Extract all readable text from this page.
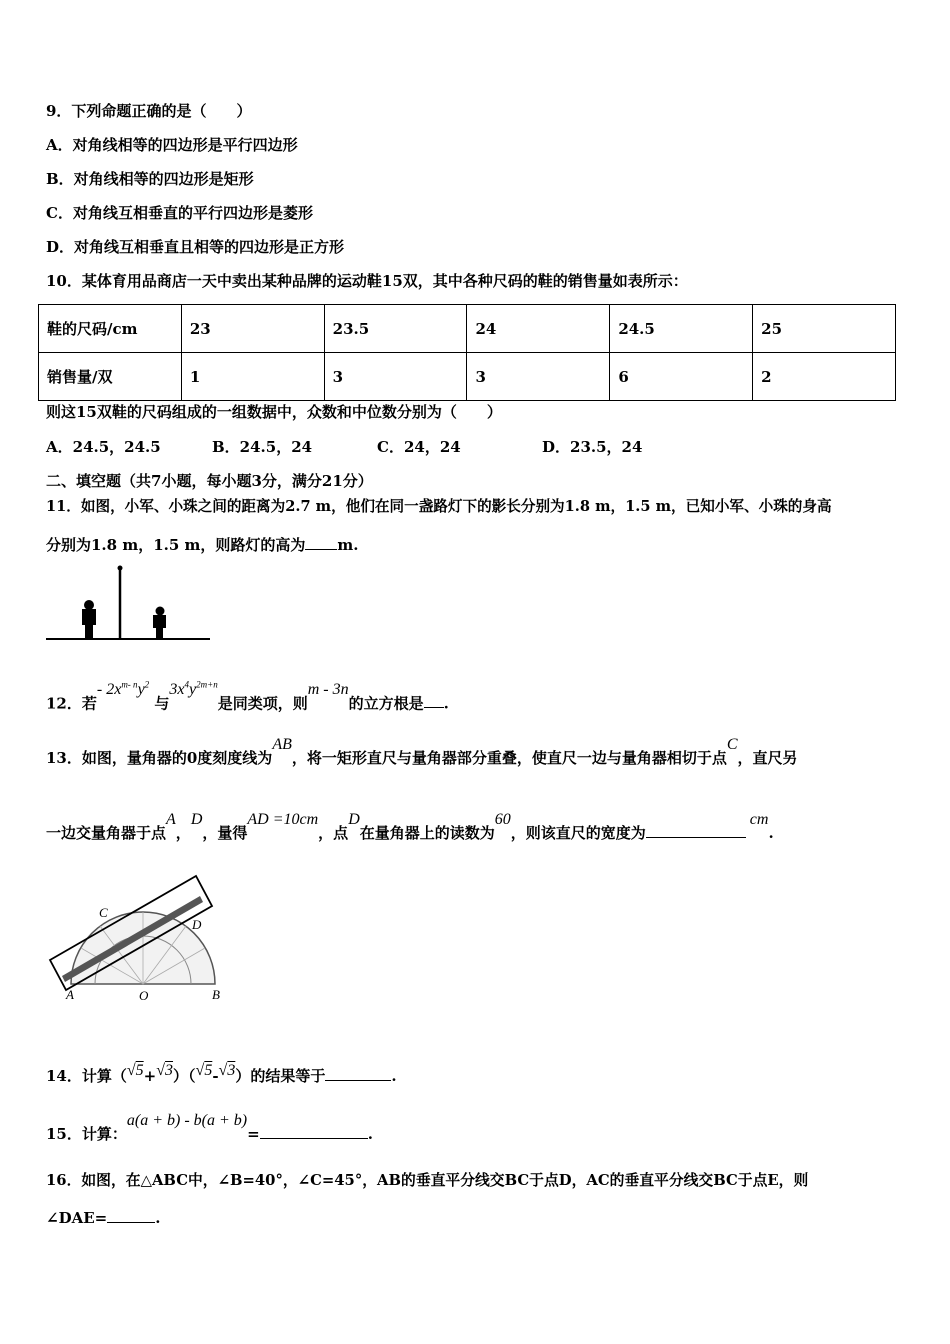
9．下列命题正确的是（　　）
A．对角线相等的四边形是平行四边形
B．对角线相等的四边形是矩形
C．对角线互相垂直的平行四边形是菱形
D．对角线互相垂直且相等的四边形是正方形
10．某体育用品商店一天中卖出某种品牌的运动鞋15双，其中各种尺码的鞋的销售量如表所示：
鞋的尺码/cm	23	23.5	24	24.5	25
销售量/双	1	3	3	6	2
则这15双鞋的尺码组成的一组数据中，众数和中位数分别为（　　）
A．24.5，24.5	B．24.5，24	C．24，24	D．23.5，24
二、填空题（共7小题，每小题3分，满分21分）
11．如图，小军、小珠之间的距离为2.7 m，他们在同一盏路灯下的影长分别为1.8 m，1.5 m，已知小军、小珠的身高
分别为1.8 m，1.5 m，则路灯的高为 m.
12．若- $2x^{m- n}y^2$ 与$3x^4y^{2m+n}$是同类项，则m - 3n的立方根是 .
13．如图，量角器的0度刻度线为AB，将一矩形直尺与量角器部分重叠，使直尺一边与量角器相切于点C，直尺另
一边交量角器于点A，D，量得AD =10cm，点D在量角器上的读数为60，则该直尺的宽度为cm.
C
D
A	O	B
14．计算（√5+√3）（√5-√3）的结果等于	.
15．计算：a(a + b) - b(a + b)=	.
16．如图，在△ABC中，∠B=40°，∠C=45°，AB的垂直平分线交BC于点D，AC的垂直平分线交BC于点E，则
∠DAE=	.
